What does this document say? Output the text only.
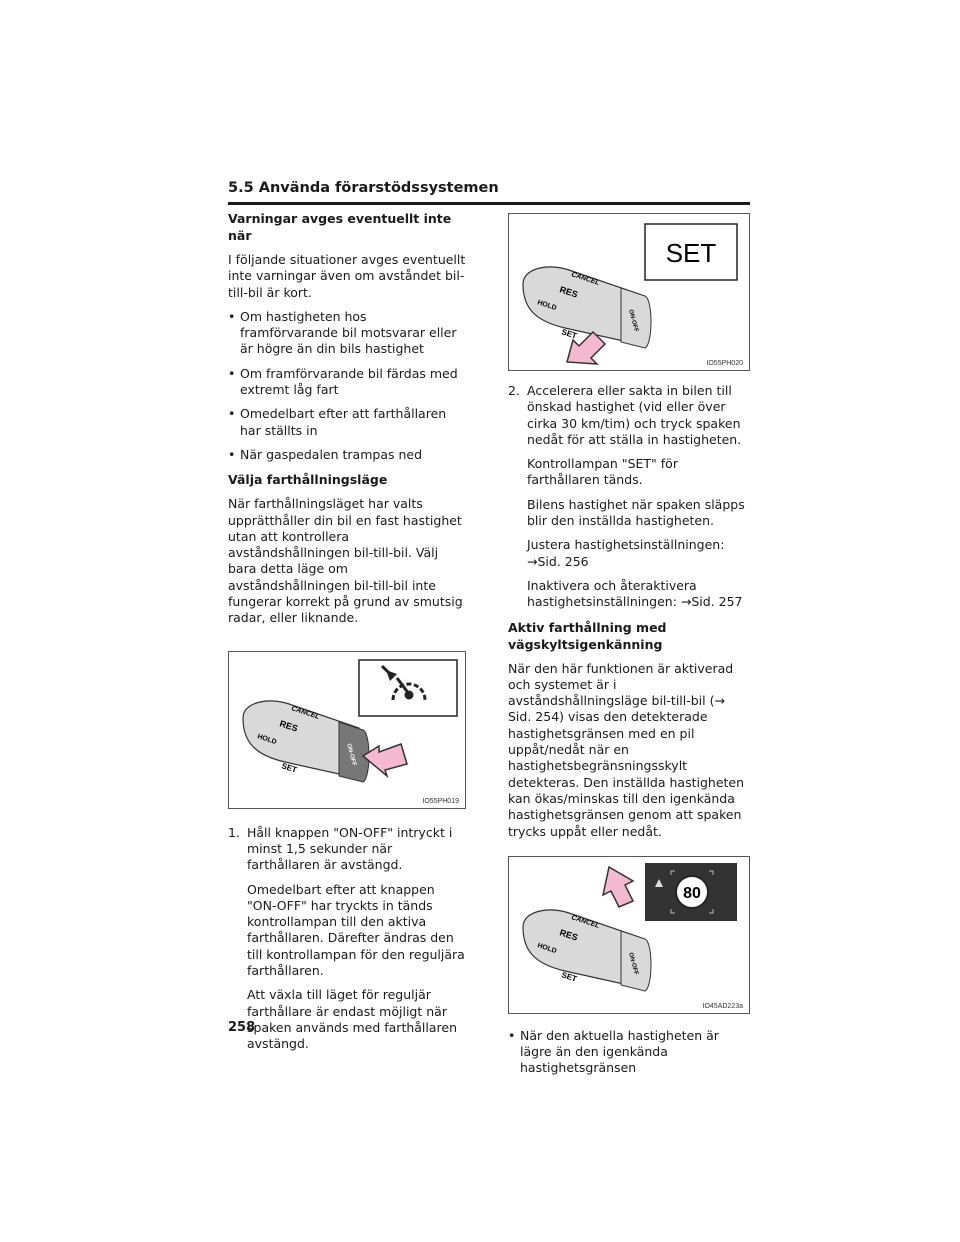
5.5 Använda förarstödssystemen
Varningar avges eventuellt inte när
I följande situationer avges eventuellt inte varningar även om avståndet bil-till-bil är kort.
• Om hastigheten hos framförvarande bil motsvarar eller är högre än din bils hastighet
• Om framförvarande bil färdas med extremt låg fart
• Omedelbart efter att farthållaren har ställts in
• När gaspedalen trampas ned
Välja farthållningsläge
När farthållningsläget har valts upprätthåller din bil en fast hastighet utan att kontrollera avståndshållningen bil-till-bil. Välj bara detta läge om avståndshållningen bil-till-bil inte fungerar korrekt på grund av smutsig radar, eller liknande.
CANCEL
RES
HOLD
SET
ON-OFF
IO55PH019
1. Håll knappen "ON-OFF" intryckt i minst 1,5 sekunder när farthållaren är avstängd.
Omedelbart efter att knappen "ON-OFF" har tryckts in tänds kontrollampan till den aktiva farthållaren. Därefter ändras den till kontrollampan för den reguljära farthållaren.
Att växla till läget för reguljär farthållare är endast möjligt när spaken används med farthållaren avstängd.
SET
CANCEL
RES
HOLD
SET
ON-OFF
IO55PH020
2. Accelerera eller sakta in bilen till önskad hastighet (vid eller över cirka 30 km/tim) och tryck spaken nedåt för att ställa in hastigheten.
Kontrollampan "SET" för farthållaren tänds.
Bilens hastighet när spaken släpps blir den inställda hastigheten.
Justera hastighetsinställningen: →Sid. 256
Inaktivera och återaktivera hastighetsinställningen: →Sid. 257
Aktiv farthållning med vägskyltsigenkänning
När den här funktionen är aktiverad och systemet är i avståndshållningsläge bil-till-bil (→ Sid. 254) visas den detekterade hastighetsgränsen med en pil uppåt/nedåt när en hastighetsbegränsningsskylt detekteras. Den inställda hastigheten kan ökas/minskas till den igenkända hastighetsgränsen genom att spaken trycks uppåt eller nedåt.
80
CANCEL
RES
HOLD
SET
ON-OFF
IO45AD223a
• När den aktuella hastigheten är lägre än den igenkända hastighetsgränsen
258
